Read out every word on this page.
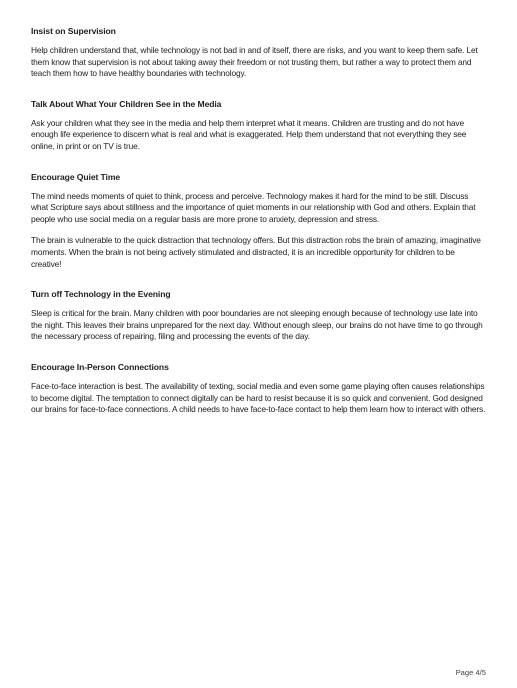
Insist on Supervision

Help children understand that, while technology is not bad in and of itself, there are risks, and you want to keep them safe. Let them know that supervision is not about taking away their freedom or not trusting them, but rather a way to protect them and teach them how to have healthy boundaries with technology.

Talk About What Your Children See in the Media

Ask your children what they see in the media and help them interpret what it means. Children are trusting and do not have enough life experience to discern what is real and what is exaggerated. Help them understand that not everything they see online, in print or on TV is true.

Encourage Quiet Time

The mind needs moments of quiet to think, process and perceive. Technology makes it hard for the mind to be still. Discuss what Scripture says about stillness and the importance of quiet moments in our relationship with God and others. Explain that people who use social media on a regular basis are more prone to anxiety, depression and stress.

The brain is vulnerable to the quick distraction that technology offers. But this distraction robs the brain of amazing, imaginative moments. When the brain is not being actively stimulated and distracted, it is an incredible opportunity for children to be creative!

Turn off Technology in the Evening

Sleep is critical for the brain. Many children with poor boundaries are not sleeping enough because of technology use late into the night. This leaves their brains unprepared for the next day. Without enough sleep, our brains do not have time to go through the necessary process of repairing, filing and processing the events of the day.

Encourage In-Person Connections

Face-to-face interaction is best. The availability of texting, social media and even some game playing often causes relationships to become digital. The temptation to connect digitally can be hard to resist because it is so quick and convenient. God designed our brains for face-to-face connections. A child needs to have face-to-face contact to help them learn how to interact with others.

Page 4/5
